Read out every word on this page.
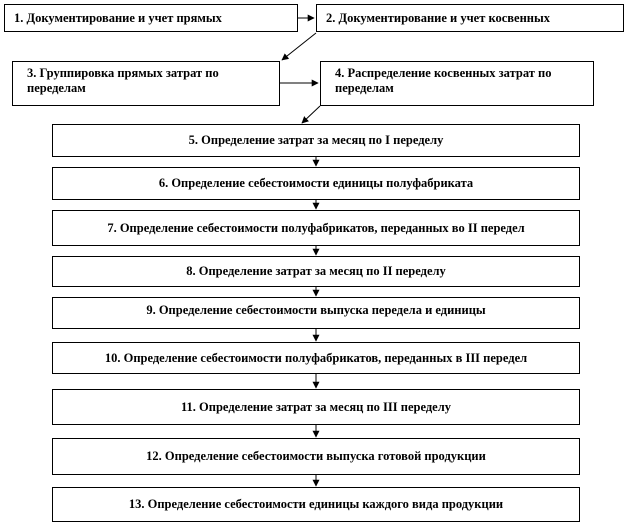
1. Документирование и учет прямых	2. Документирование и учет косвенных
3. Группировка прямых затрат по переделам
4. Распределение косвенных затрат по переделам
5. Определение затрат за месяц по I переделу
6. Определение себестоимости единицы полуфабриката
7. Определение себестоимости полуфабрикатов, переданных во II передел
8. Определение затрат за месяц по II переделу
9. Определение себестоимости выпуска передела и единицы
10. Определение себестоимости полуфабрикатов, переданных в III передел
11. Определение затрат за месяц по III переделу
12. Определение себестоимости выпуска готовой продукции
13. Определение себестоимости единицы каждого вида продукции
